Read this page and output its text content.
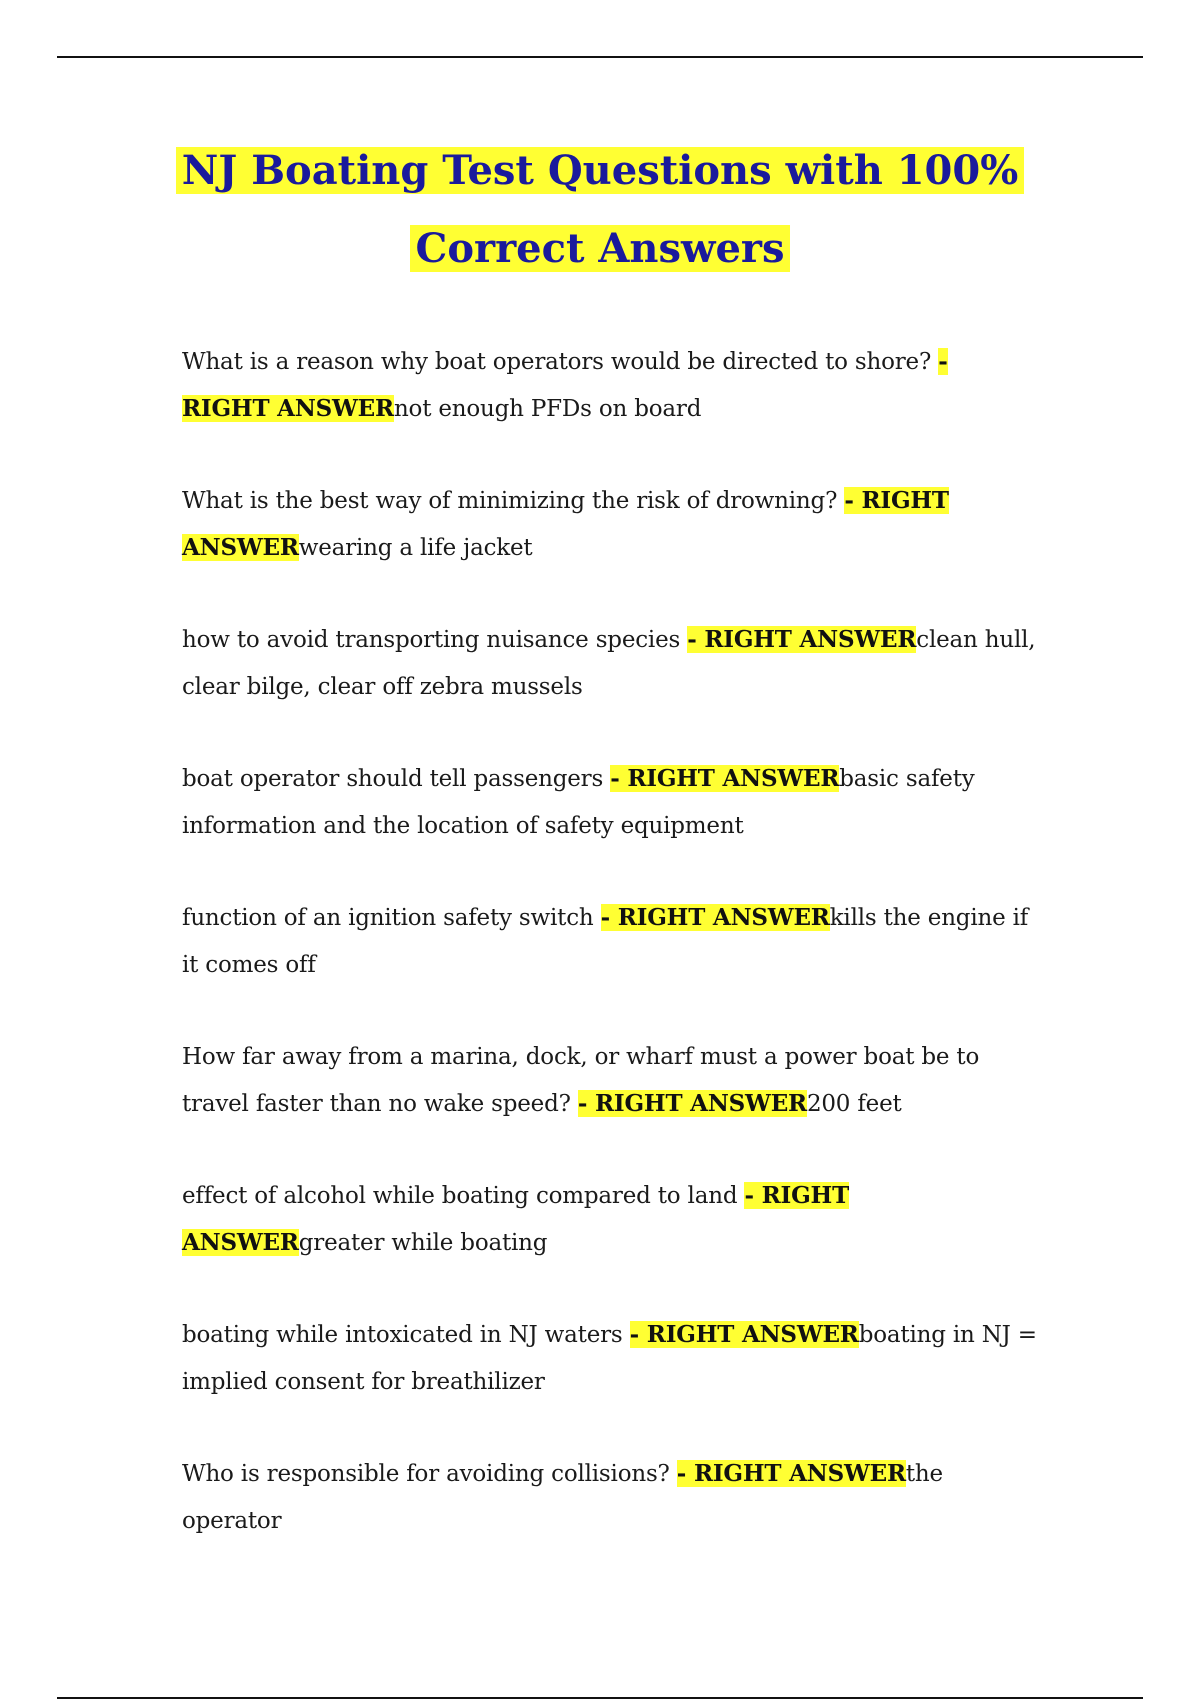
NJ Boating Test Questions with 100%
Correct Answers
What is a reason why boat operators would be directed to shore? - RIGHT ANSWERnot enough PFDs on board
What is the best way of minimizing the risk of drowning? - RIGHT ANSWERwearing a life jacket
how to avoid transporting nuisance species - RIGHT ANSWERclean hull, clear bilge, clear off zebra mussels
boat operator should tell passengers - RIGHT ANSWERbasic safety information and the location of safety equipment
function of an ignition safety switch - RIGHT ANSWERkills the engine if it comes off
How far away from a marina, dock, or wharf must a power boat be to travel faster than no wake speed? - RIGHT ANSWER200 feet
effect of alcohol while boating compared to land - RIGHT ANSWERgreater while boating
boating while intoxicated in NJ waters - RIGHT ANSWERboating in NJ = implied consent for breathilizer
Who is responsible for avoiding collisions? - RIGHT ANSWERthe operator
